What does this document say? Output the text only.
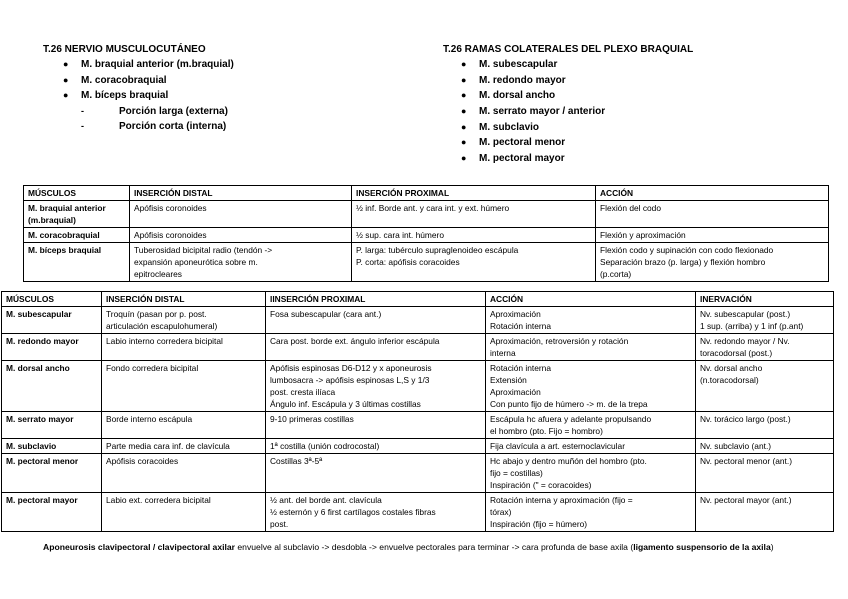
T.26 NERVIO MUSCULOCUTÁNEO
● M. braquial anterior (m.braquial)
● M. coracobraquial
● M. bíceps braquial
-	Porción larga (externa)
-	Porción corta (interna)
T.26 RAMAS COLATERALES DEL PLEXO BRAQUIAL
● M. subescapular
● M. redondo mayor
● M. dorsal ancho
● M. serrato mayor / anterior
● M. subclavio
● M. pectoral menor
● M. pectoral mayor
MÚSCULOS	INSERCIÓN DISTAL	INSERCIÓN PROXIMAL	ACCIÓN

M. braquial anterior
(m.braquial)	Apófisis coronoides	½ inf. Borde ant. y cara int. y ext. húmero	Flexión del codo

M. coracobraquial	Apófisis coronoides	½ sup. cara int. húmero	Flexión y aproximación

M. bíceps braquial	Tuberosidad bicipital radio (tendón ->
expansión aponeurótica sobre m.
epitrocleares	P. larga: tubérculo supraglenoideo escápula
P. corta: apófisis coracoides	Flexión codo y supinación con codo flexionado
Separación brazo (p. larga) y flexión hombro
(p.corta)
MÚSCULOS	INSERCIÓN DISTAL	IINSERCIÓN PROXIMAL	ACCIÓN	INERVACIÓN
M. subescapular	Troquín (pasan por p. post.
articulación escapulohumeral)	Fosa subescapular (cara ant.)	Aproximación
Rotación interna	Nv. subescapular (post.)
1 sup. (arriba) y 1 inf (p.ant)

M. redondo mayor	Labio interno corredera bicipital	Cara post. borde ext. ángulo inferior escápula	Aproximación, retroversión y rotación
interna	Nv. redondo mayor / Nv.
toracodorsal (post.)

M. dorsal ancho	Fondo corredera bicipital	Apófisis espinosas D6-D12 y x aponeurosis
lumbosacra -> apófisis espinosas L,S y 1/3
post. cresta ilíaca
Ángulo inf. Escápula y 3 últimas costillas	Rotación interna
Extensión
Aproximación
Con punto fijo de húmero -> m. de la trepa	Nv. dorsal ancho
(n.toracodorsal)

M. serrato mayor	Borde interno escápula	9-10 primeras costillas	Escápula hc afuera y adelante propulsando
el hombro (pto. Fijo = hombro)	Nv. torácico largo (post.)

M. subclavio	Parte media cara inf. de clavícula	1ª costilla (unión codrocostal)	Fija clavícula a art. esternoclavicular	Nv. subclavio (ant.)

M. pectoral menor	Apófisis coracoides	Costillas 3ª-5ª	Hc abajo y dentro muñón del hombro (pto.
fijo = costillas)
Inspiración (" = coracoides)	Nv. pectoral menor (ant.)

M. pectoral mayor	Labio ext. corredera bicipital	½ ant. del borde ant. clavícula
½ esternón y 6 first cartílagos costales fibras
post.	Rotación interna y aproximación (fijo =
tórax)
Inspiración (fijo = húmero)	Nv. pectoral mayor (ant.)
Aponeurosis clavipectoral / clavipectoral axilar envuelve al subclavio -> desdobla -> envuelve pectorales para terminar -> cara profunda de base axila (ligamento suspensorio de la axila)
